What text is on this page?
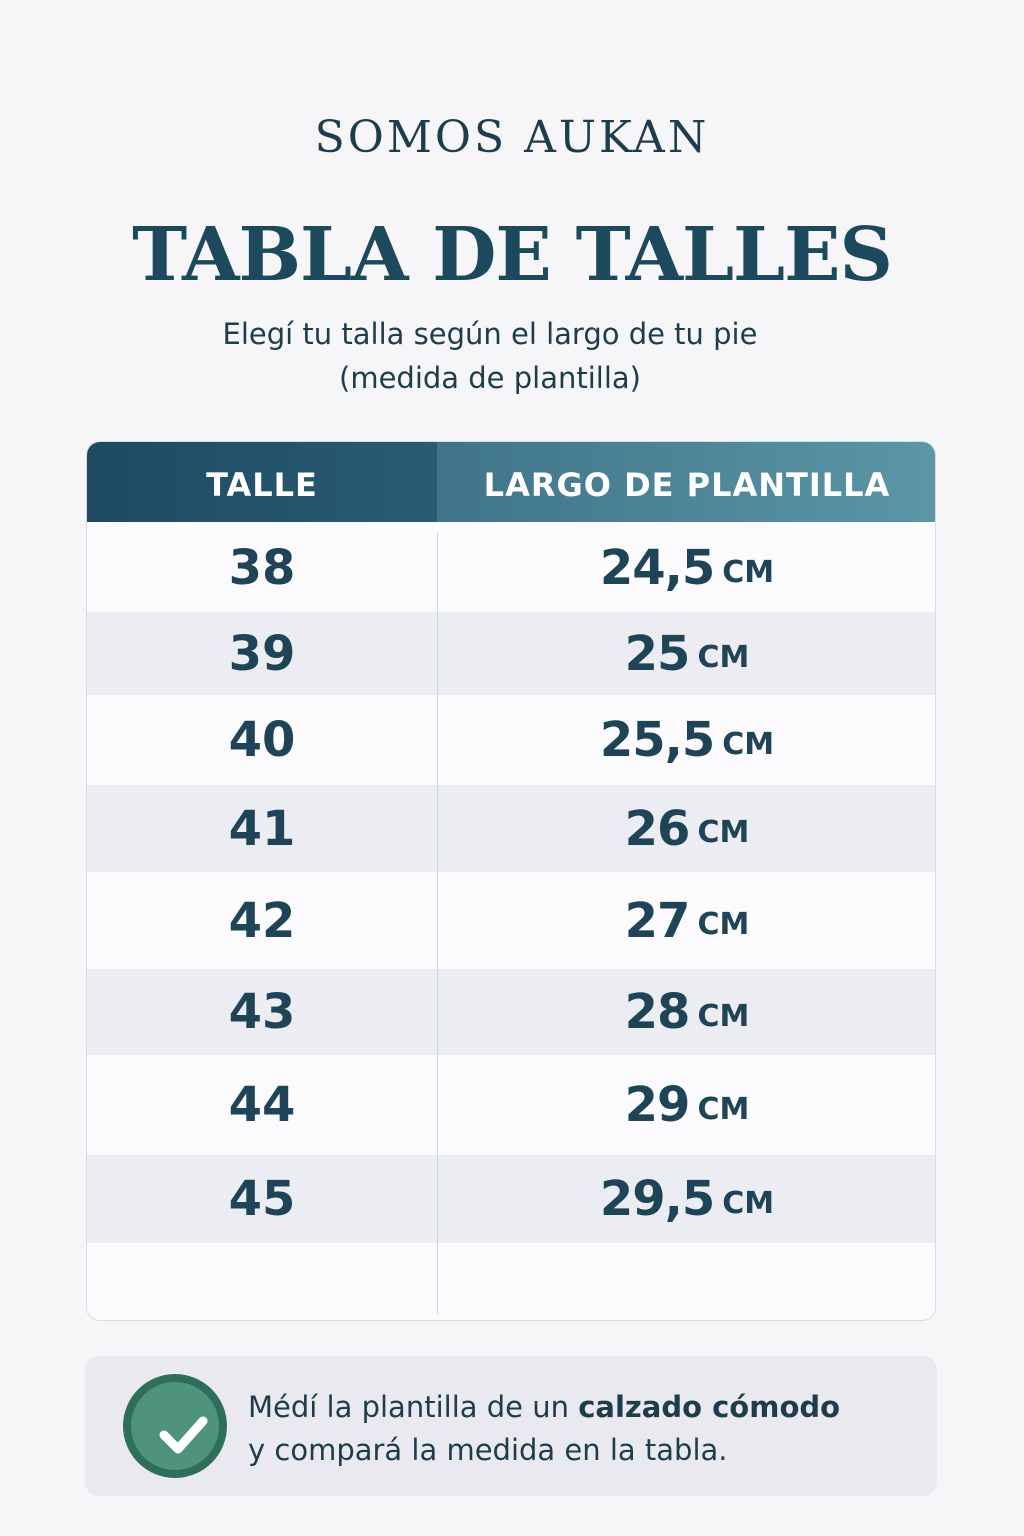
SOMOS AUKAN
TABLA DE TALLES
Elegí tu talla según el largo de tu pie
(medida de plantilla)
TALLE	LARGO DE PLANTILLA
38	24,5 CM
39	25 CM
40	25,5 CM
41	26 CM
42	27 CM
43	28 CM
44	29 CM
45	29,5 CM
Médí la plantilla de un calzado cómodo
y compará la medida en la tabla.
